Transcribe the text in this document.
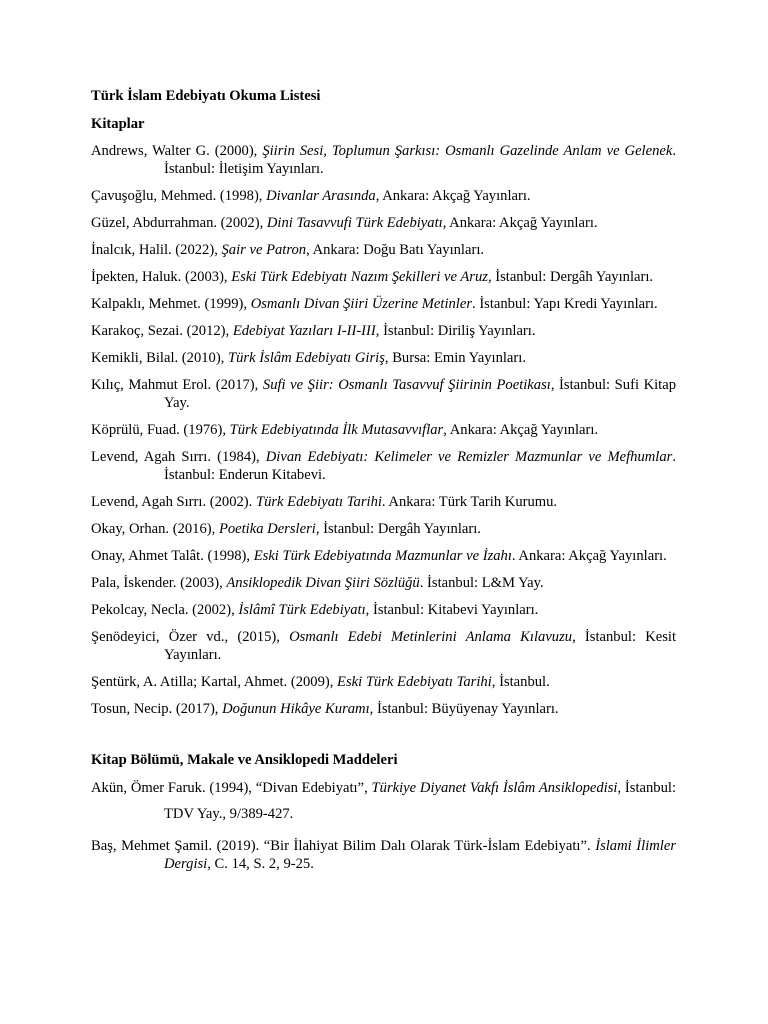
Türk İslam Edebiyatı Okuma Listesi

Kitaplar

Andrews, Walter G. (2000), Şiirin Sesi, Toplumun Şarkısı: Osmanlı Gazelinde Anlam ve Gelenek. İstanbul: İletişim Yayınları.

Çavuşoğlu, Mehmed. (1998), Divanlar Arasında, Ankara: Akçağ Yayınları.

Güzel, Abdurrahman. (2002), Dini Tasavvufi Türk Edebiyatı, Ankara: Akçağ Yayınları.

İnalcık, Halil. (2022), Şair ve Patron, Ankara: Doğu Batı Yayınları.

İpekten, Haluk. (2003), Eski Türk Edebiyatı Nazım Şekilleri ve Aruz, İstanbul: Dergâh Yayınları.

Kalpaklı, Mehmet. (1999), Osmanlı Divan Şiiri Üzerine Metinler. İstanbul: Yapı Kredi Yayınları.

Karakoç, Sezai. (2012), Edebiyat Yazıları I-II-III, İstanbul: Diriliş Yayınları.

Kemikli, Bilal. (2010), Türk İslâm Edebiyatı Giriş, Bursa: Emin Yayınları.

Kılıç, Mahmut Erol. (2017), Sufi ve Şiir: Osmanlı Tasavvuf Şiirinin Poetikası, İstanbul: Sufi Kitap Yay.

Köprülü, Fuad. (1976), Türk Edebiyatında İlk Mutasavvıflar, Ankara: Akçağ Yayınları.

Levend, Agah Sırrı. (1984), Divan Edebiyatı: Kelimeler ve Remizler Mazmunlar ve Mefhumlar. İstanbul: Enderun Kitabevi.

Levend, Agah Sırrı. (2002). Türk Edebiyatı Tarihi. Ankara: Türk Tarih Kurumu.

Okay, Orhan. (2016), Poetika Dersleri, İstanbul: Dergâh Yayınları.

Onay, Ahmet Talât. (1998), Eski Türk Edebiyatında Mazmunlar ve İzahı. Ankara: Akçağ Yayınları.

Pala, İskender. (2003), Ansiklopedik Divan Şiiri Sözlüğü. İstanbul: L&M Yay.

Pekolcay, Necla. (2002), İslâmî Türk Edebiyatı, İstanbul: Kitabevi Yayınları.

Şenödeyici, Özer vd., (2015), Osmanlı Edebi Metinlerini Anlama Kılavuzu, İstanbul: Kesit Yayınları.

Şentürk, A. Atilla; Kartal, Ahmet. (2009), Eski Türk Edebiyatı Tarihi, İstanbul.

Tosun, Necip. (2017), Doğunun Hikâye Kuramı, İstanbul: Büyüyenay Yayınları.

Kitap Bölümü, Makale ve Ansiklopedi Maddeleri

Akün, Ömer Faruk. (1994), “Divan Edebiyatı”, Türkiye Diyanet Vakfı İslâm Ansiklopedisi, İstanbul: TDV Yay., 9/389-427.

Baş, Mehmet Şamil. (2019). “Bir İlahiyat Bilim Dalı Olarak Türk-İslam Edebiyatı”. İslami İlimler Dergisi, C. 14, S. 2, 9-25.
